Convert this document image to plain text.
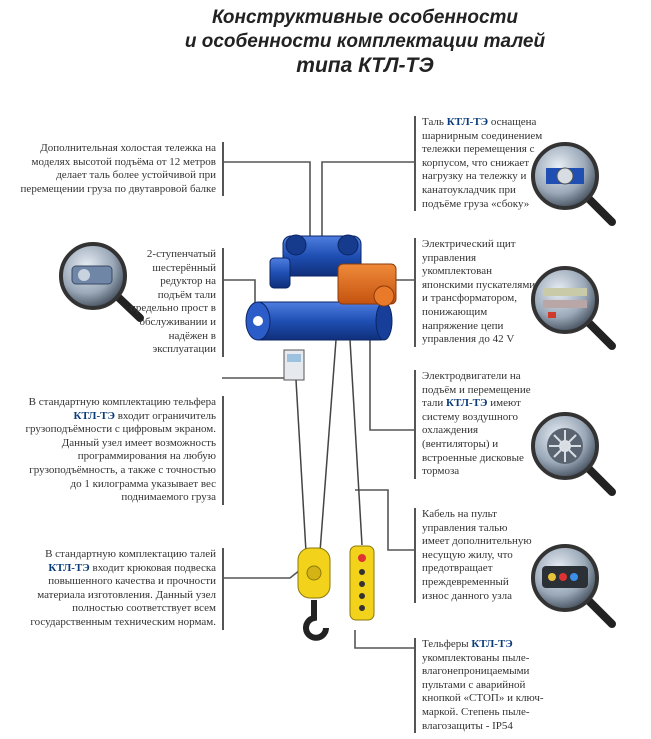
Конструктивные особенности
и особенности комплектации талей
типа КТЛ-ТЭ
Дополнительная холостая тележка на моделях высотой подъёма от 12 метров делает таль более устойчивой при перемещении груза по двутавровой балке
2-ступенчатый шестерённый редуктор на подъём тали предельно прост в обслуживании и надёжен в эксплуатации
В стандартную комплектацию тельфера КТЛ-ТЭ входит ограничитель грузоподъёмности с цифровым экраном. Данный узел имеет возможность программирования на любую грузоподъёмность, а также с точностью до 1 килограмма указывает вес поднимаемого груза
В стандартную комплектацию талей КТЛ-ТЭ входит крюковая подвеска повышенного качества и прочности материала изготовления. Данный узел полностью соответствует всем государственным техническим нормам.
Таль КТЛ-ТЭ оснащена шарнирным соединением тележки перемещения с корпусом, что снижает нагрузку на тележку и канатоукладчик при подъёме груза «сбоку»
Электрический щит управления укомплектован японскими пускателями и трансформатором, понижающим напряжение цепи управления до 42 V
Электродвигатели на подъём и перемещение тали КТЛ-ТЭ имеют систему воздушного охлаждения (вентиляторы) и встроенные дисковые тормоза
Кабель на пульт управления талью имеет дополнительную несущую жилу, что предотвращает преждевременный износ данного узла
Тельферы КТЛ-ТЭ укомплектованы пыле-влагонепроницаемыми пультами с аварийной кнопкой «СТОП» и ключ-маркой. Степень пыле-влагозащиты - IP54
